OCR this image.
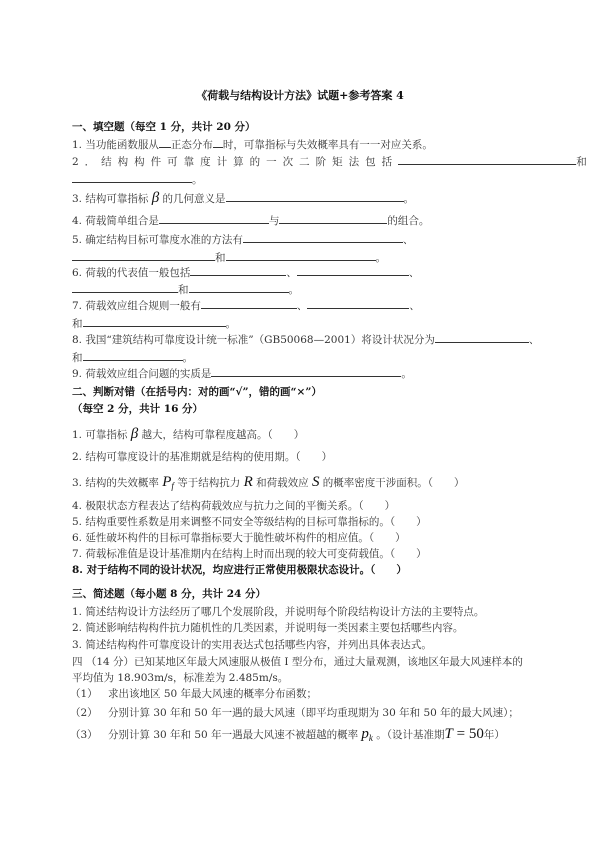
《荷载与结构设计方法》试题+参考答案 4
一、填空题（每空 1 分，共计 20 分）
1. 当功能函数服从 正态分布 时，可靠指标与失效概率具有一一对应关系。
2．结构构件可靠度计算的一次二阶矩法包括	和
。
3. 结构可靠指标 β 的几何意义是	。
4. 荷载简单组合是	与	的组合。
5. 确定结构目标可靠度水准的方法有	、
和	。
6. 荷载的代表值一般包括	、	、
和	。
7. 荷载效应组合规则一般有	、	、
和	。
8. 我国“建筑结构可靠度设计统一标准”（GB50068—2001）将设计状况分为	、
和	。
9. 荷载效应组合问题的实质是	。
二、判断对错（在括号内：对的画“√”，错的画“×”）
（每空 2 分，共计 16 分）
1. 可靠指标 β 越大，结构可靠程度越高。（　　）
2. 结构可靠度设计的基准期就是结构的使用期。（　　）
3. 结构的失效概率 $P_f$ 等于结构抗力 R 和荷载效应 S 的概率密度干涉面积。（　　）
4. 极限状态方程表达了结构荷载效应与抗力之间的平衡关系。（　　）
5. 结构重要性系数是用来调整不同安全等级结构的目标可靠指标的。（　　）
6. 延性破坏构件的目标可靠指标要大于脆性破坏构件的相应值。（　　）
7. 荷载标准值是设计基准期内在结构上时而出现的较大可变荷载值。（　　）
8. 对于结构不同的设计状况，均应进行正常使用极限状态设计。（　　）
三、简述题（每小题 8 分，共计 24 分）
1. 简述结构设计方法经历了哪几个发展阶段，并说明每个阶段结构设计方法的主要特点。
2. 简述影响结构构件抗力随机性的几类因素，并说明每一类因素主要包括哪些内容。
3. 简述结构构件可靠度设计的实用表达式包括哪些内容，并列出具体表达式。
四 （14 分）已知某地区年最大风速服从极值 I 型分布，通过大量观测，该地区年最大风速样本的
平均值为 18.903m/s，标准差为 2.485m/s。
（1） 求出该地区 50 年最大风速的概率分布函数；
（2） 分别计算 30 年和 50 年一遇的最大风速（即平均重现期为 30 年和 50 年的最大风速）；
（3） 分别计算 30 年和 50 年一遇最大风速不被超越的概率 $p_k$ 。（设计基准期T = 50年）
